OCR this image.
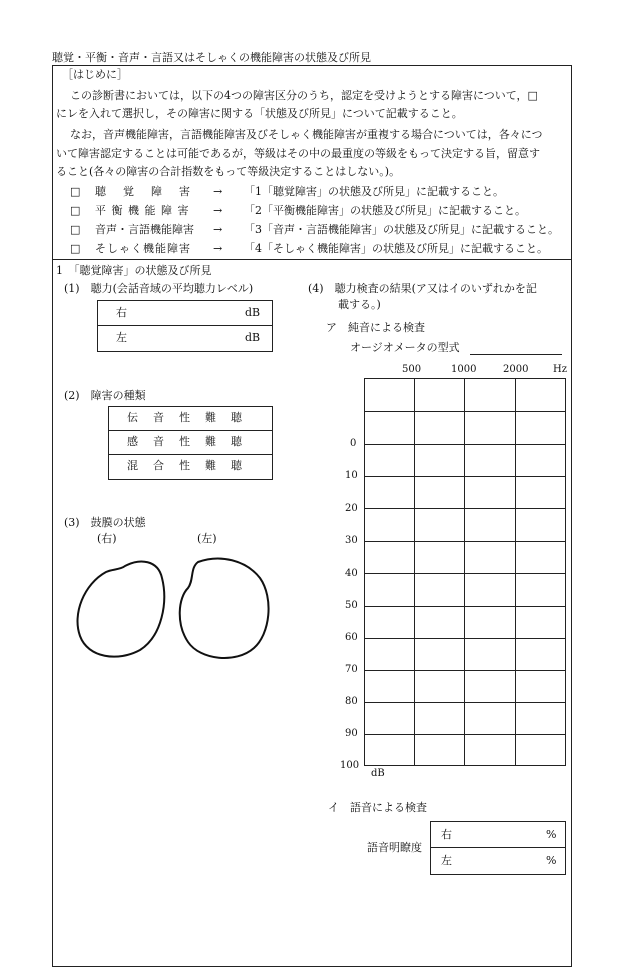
聴覚・平衡・音声・言語又はそしゃくの機能障害の状態及び所見
［はじめに］
この診断書においては，以下の4つの障害区分のうち，認定を受けようとする障害について，□
にレを入れて選択し，その障害に関する「状態及び所見」について記載すること。
なお，音声機能障害，言語機能障害及びそしゃく機能障害が重複する場合については，各々につ
いて障害認定することは可能であるが，等級はその中の最重度の等級をもって決定する旨，留意す
ること(各々の障害の合計指数をもって等級決定することはしない。)。
□ 聴　覚　障　害 → 「1「聴覚障害」の状態及び所見」に記載すること。
□ 平 衡 機 能 障 害 → 「2「平衡機能障害」の状態及び所見」に記載すること。
□ 音声・言語機能障害 → 「3「音声・言語機能障害」の状態及び所見」に記載すること。
□ そしゃく機能障害 → 「4「そしゃく機能障害」の状態及び所見」に記載すること。
1　「聴覚障害」の状態及び所見
(1)　聴力(会話音域の平均聴力レベル)
右	dB
左	dB
(2)　障害の種類
伝　音　性　難　聴
感　音　性　難　聴
混　合　性　難　聴
(3)　鼓膜の状態
(右)	(左)
(4)　聴力検査の結果(ア又はイのいずれかを記
載する。)
ア　純音による検査
オージオメータの型式
500	1000	2000 Hz
0
10
20
30
40
50
60
70
80
90
100
dB
イ　語音による検査
語音明瞭度
右	%
左	%
